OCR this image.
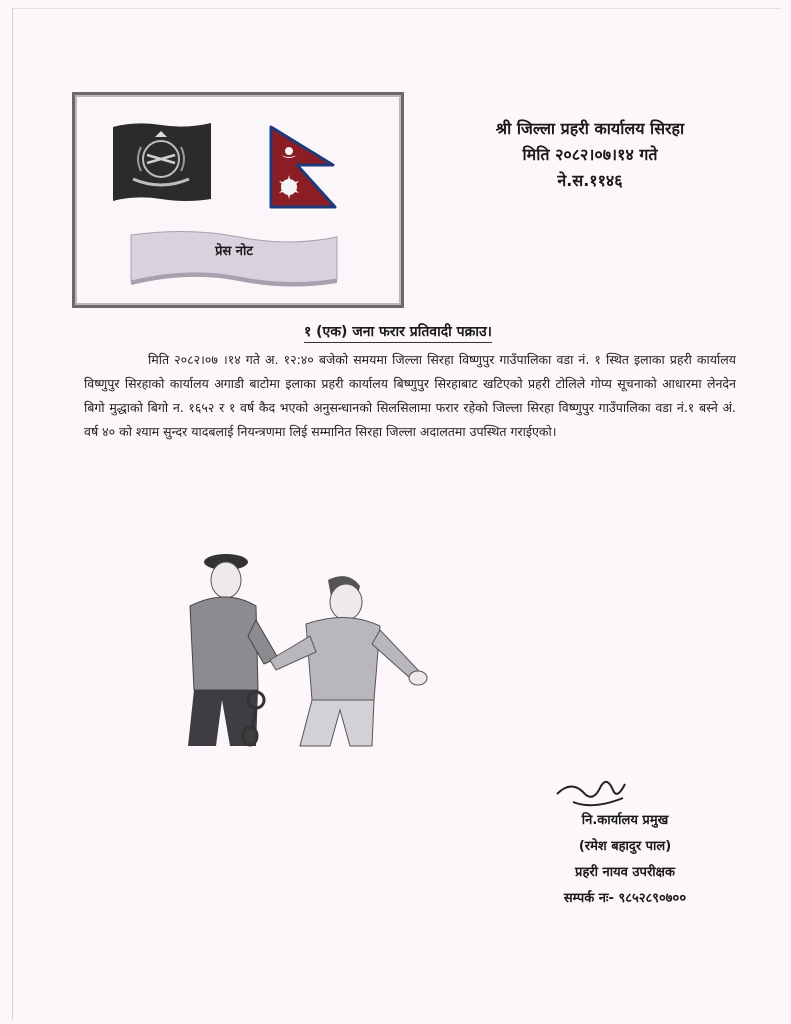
प्रेस नोट
श्री जिल्ला प्रहरी कार्यालय सिरहा
मिति २०८२।०७।१४ गते
ने.स.११४६
१ (एक) जना फरार प्रतिवादी पक्राउ।
मिति २०८२।०७ ।१४ गते अ. १२:४० बजेको समयमा जिल्ला सिरहा विष्णुपुर गाउँपालिका वडा नं. १ स्थित इलाका प्रहरी कार्यालय विष्णुपुर सिरहाको कार्यालय अगाडी बाटोमा इलाका प्रहरी कार्यालय बिष्णुपुर सिरहाबाट खटिएको प्रहरी टोलिले गोप्य सूचनाको आधारमा लेनदेन बिगो मुद्धाको बिगो न. १६५२ र १ वर्ष कैद भएको अनुसन्धानको सिलसिलामा फरार रहेको जिल्ला सिरहा विष्णुपुर गाउँपालिका वडा नं.१ बस्ने अं. वर्ष ४० को श्याम सुन्दर यादबलाई नियन्त्रणमा लिई सम्मानित सिरहा जिल्ला अदालतमा उपस्थित गराईएको।
नि.कार्यालय प्रमुख
(रमेश बहादुर पाल)
प्रहरी नायव उपरीक्षक
सम्पर्क नः- ९८५२८९०७००
